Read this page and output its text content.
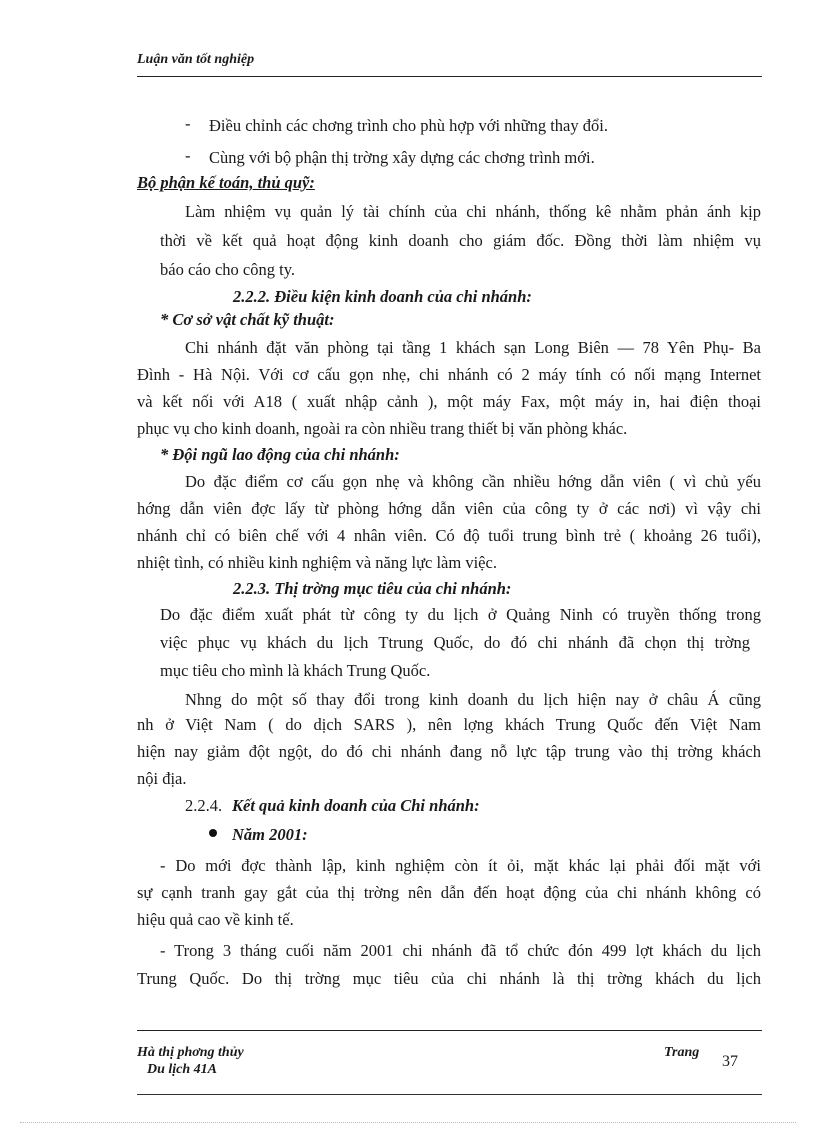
Luận văn tốt nghiệp
- Điều chỉnh các chơng trình cho phù hợp với những thay đổi.
- Cùng với bộ phận thị trờng xây dựng các chơng trình mới.
Bộ phận kế toán, thủ quỹ:
Làm nhiệm vụ quản lý tài chính của chi nhánh, thống kê nhằm phản ánh kịp
thời về kết quả hoạt động kinh doanh cho giám đốc. Đồng thời làm nhiệm vụ
báo cáo cho công ty.
2.2.2. Điều kiện kinh doanh của chi nhánh:
* Cơ sở vật chất kỹ thuật:
Chi nhánh đặt văn phòng tại tầng 1 khách sạn Long Biên — 78 Yên Phụ- Ba
Đình - Hà Nội. Với cơ cấu gọn nhẹ, chi nhánh có 2 máy tính có nối mạng Internet
và kết nối với A18 ( xuất nhập cảnh ), một máy Fax, một máy in, hai điện thoại
phục vụ cho kinh doanh, ngoài ra còn nhiều trang thiết bị văn phòng khác.
* Đội ngũ lao động của chi nhánh:
Do đặc điểm cơ cấu gọn nhẹ và không cần nhiều hớng dẫn viên ( vì chủ yếu
hớng dẫn viên đợc lấy từ phòng hớng dẫn viên của công ty ở các nơi) vì vậy chi
nhánh chỉ có biên chế với 4 nhân viên. Có độ tuổi trung bình trẻ ( khoảng 26 tuổi),
nhiệt tình, có nhiều kinh nghiệm và năng lực làm việc.
2.2.3. Thị trờng mục tiêu của chi nhánh:
Do đặc điểm xuất phát từ công ty du lịch ở Quảng Ninh có truyền thống trong
việc phục vụ khách du lịch Ttrung Quốc, do đó chi nhánh đã chọn thị trờng
mục tiêu cho mình là khách Trung Quốc.
Nhng do một số thay đổi trong kinh doanh du lịch hiện nay ở châu Á cũng
nh ở Việt Nam ( do dịch SARS ), nên lợng khách Trung Quốc đến Việt Nam
hiện nay giảm đột ngột, do đó chi nhánh đang nỗ lực tập trung vào thị trờng khách
nội địa.
2.2.4. Kết quả kinh doanh của Chi nhánh:
Năm 2001:
- Do mới đợc thành lập, kinh nghiệm còn ít ỏi, mặt khác lại phải đối mặt với
sự cạnh tranh gay gắt của thị trờng nên dẫn đến hoạt động của chi nhánh không có
hiệu quả cao về kinh tế.
- Trong 3 tháng cuối năm 2001 chi nhánh đã tổ chức đón 499 lợt khách du lịch
Trung Quốc. Do thị trờng mục tiêu của chi nhánh là thị trờng khách du lịch
Hà thị phơng thủy
Du lịch 41A
Trang
37
